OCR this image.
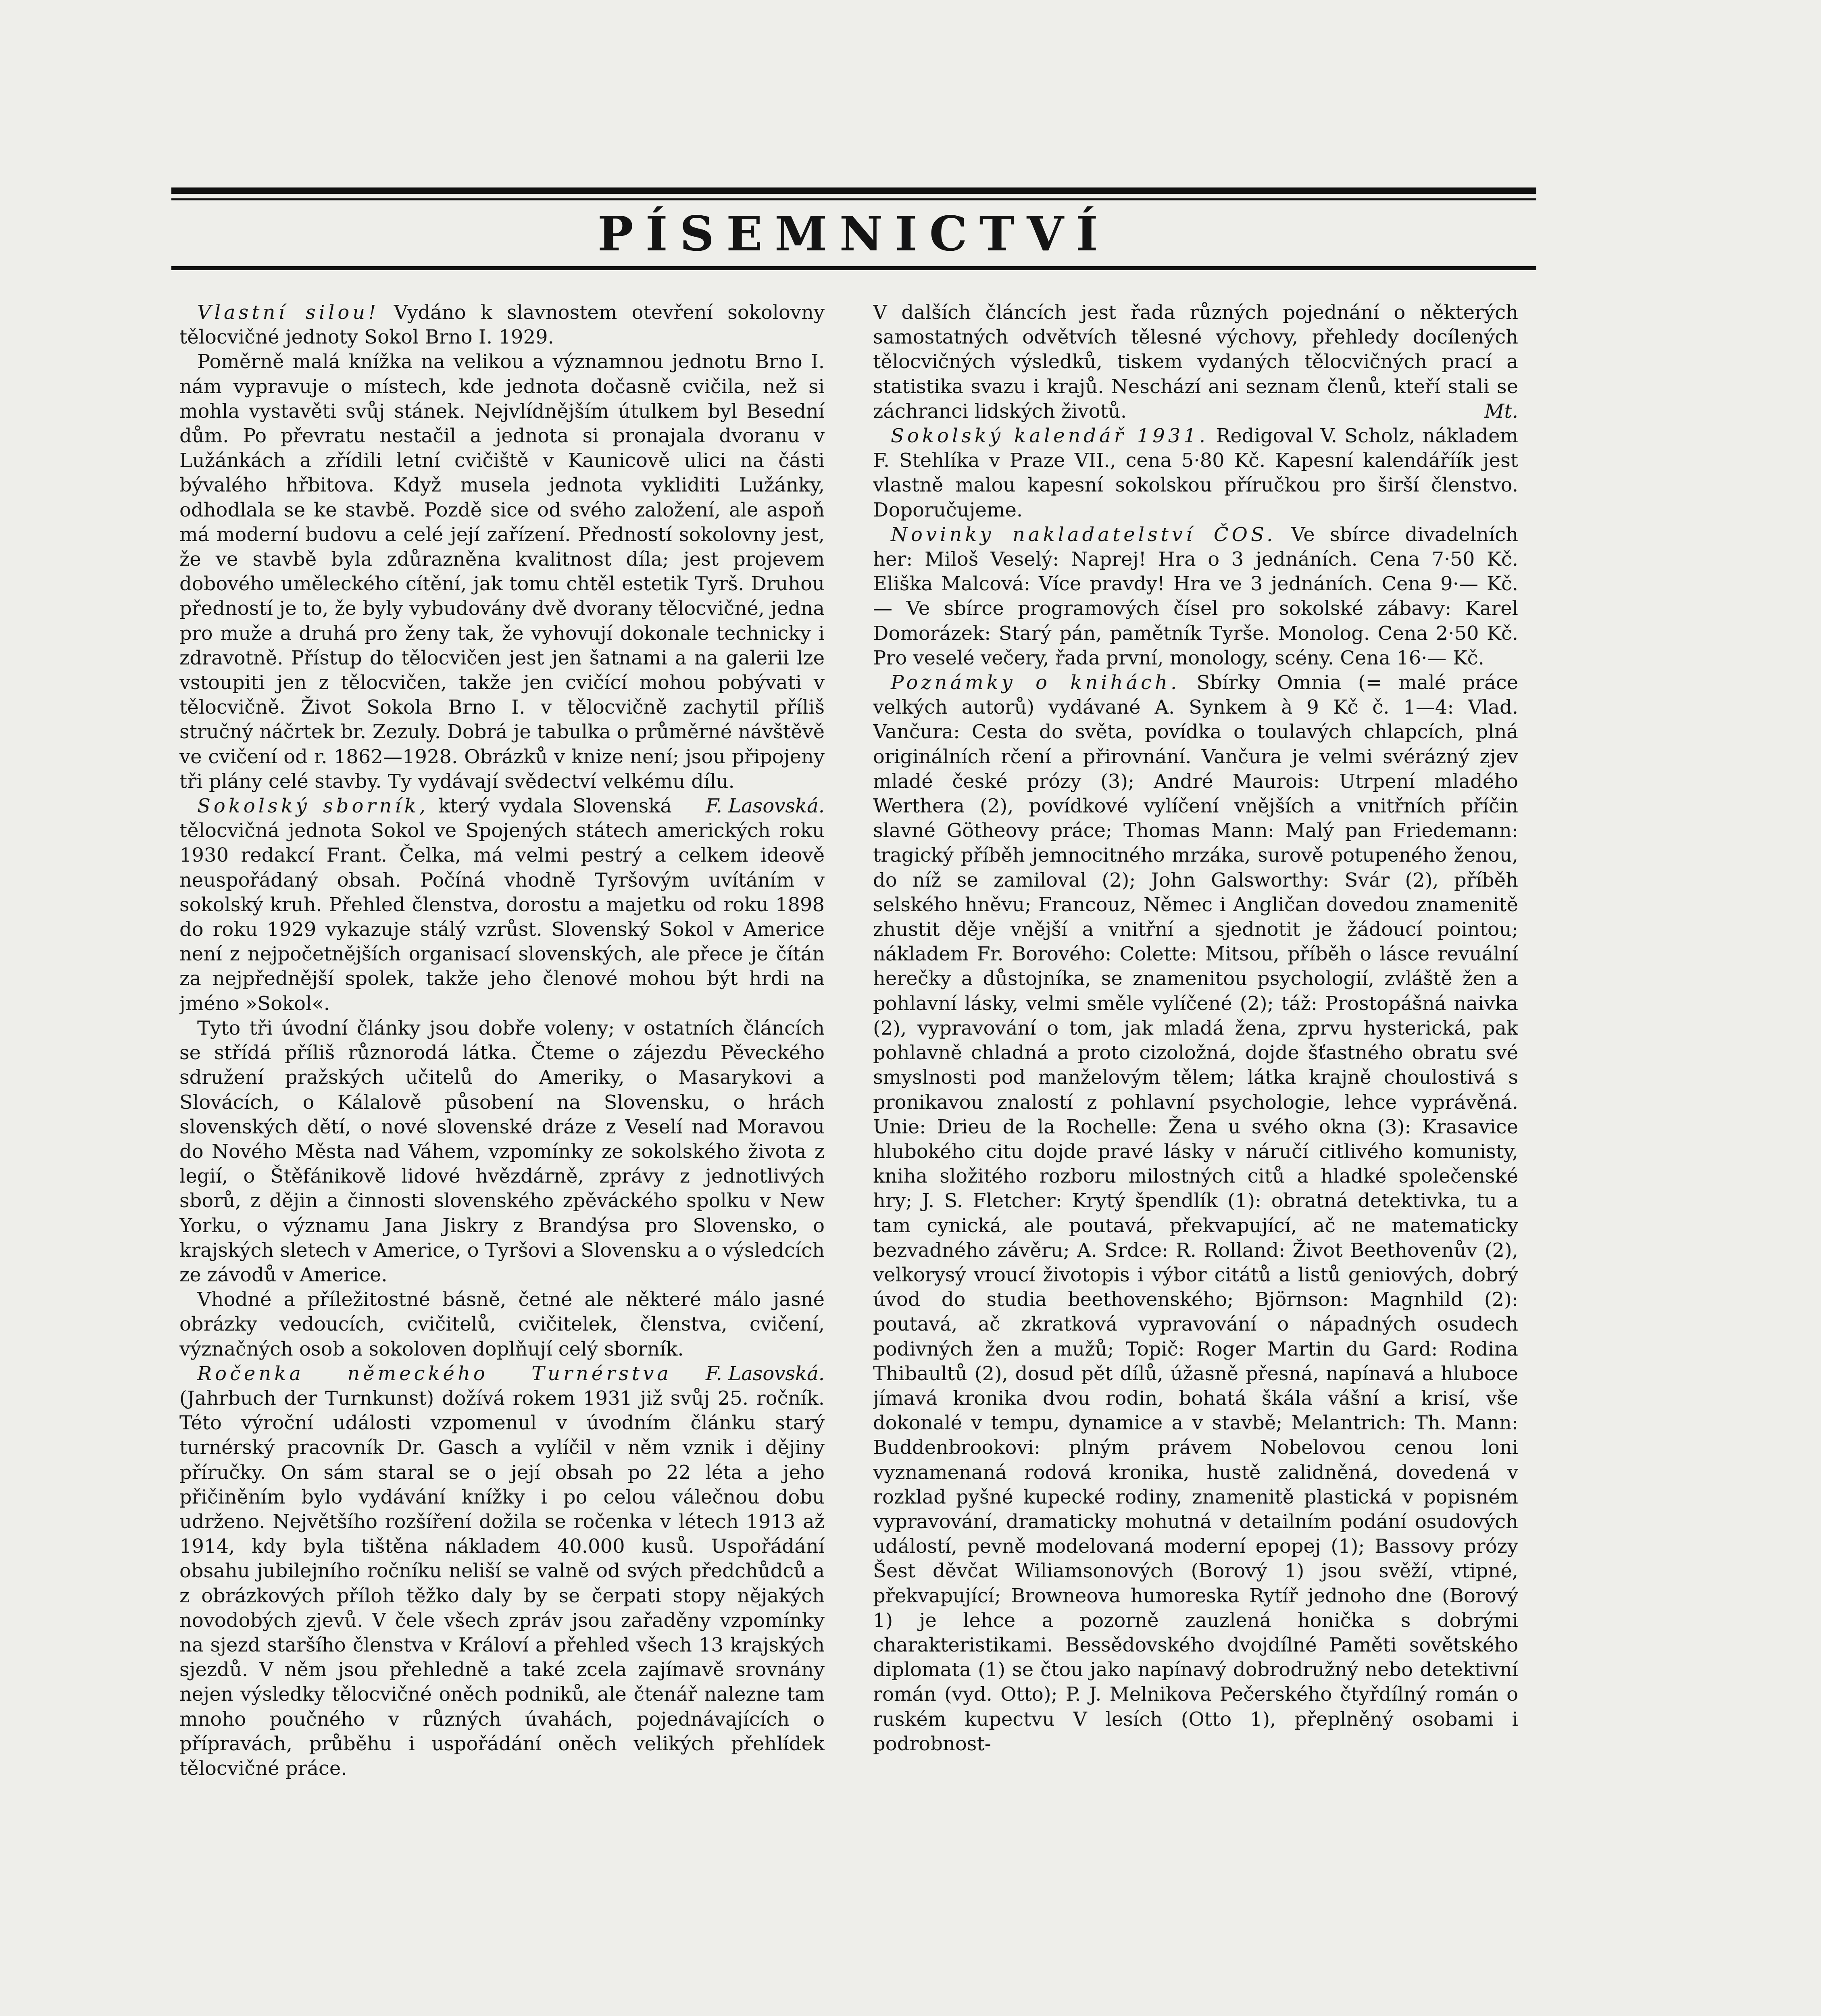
PÍSEMNICTVÍ

Vlastní silou! Vydáno k slavnostem otevření sokolovny tělocvičné jednoty Sokol Brno I. 1929.

Poměrně malá knížka na velikou a významnou jednotu Brno I. nám vypravuje o místech, kde jednota dočasně cvičila, než si mohla vystavěti svůj stánek. Nejvlídnějším útulkem byl Besední dům. Po převratu nestačil a jednota si pronajala dvoranu v Lužánkách a zřídili letní cvičiště v Kaunicově ulici na části bývalého hřbitova. Když musela jednota vykliditi Lužánky, odhodlala se ke stavbě. Pozdě sice od svého založení, ale aspoň má moderní budovu a celé její zařízení. Předností sokolovny jest, že ve stavbě byla zdůrazněna kvalitnost díla; jest projevem dobového uměleckého cítění, jak tomu chtěl estetik Tyrš. Druhou předností je to, že byly vybudovány dvě dvorany tělocvičné, jedna pro muže a druhá pro ženy tak, že vyhovují dokonale technicky i zdravotně. Přístup do tělocvičen jest jen šatnami a na galerii lze vstoupiti jen z tělocvičen, takže jen cvičící mohou pobývati v tělocvičně. Život Sokola Brno I. v tělocvičně zachytil příliš stručný náčrtek br. Zezuly. Dobrá je tabulka o průměrné návštěvě ve cvičení od r. 1862—1928. Obrázků v knize není; jsou připojeny tři plány celé stavby. Ty vydávají svědectví velkému dílu.
F. Lasovská.

Sokolský sborník, který vydala Slovenská tělocvičná jednota Sokol ve Spojených státech amerických roku 1930 redakcí Frant. Čelka, má velmi pestrý a celkem ideově neuspořádaný obsah. Počíná vhodně Tyršovým uvítáním v sokolský kruh. Přehled členstva, dorostu a majetku od roku 1898 do roku 1929 vykazuje stálý vzrůst. Slovenský Sokol v Americe není z nejpočetnějších organisací slovenských, ale přece je čítán za nejpřednější spolek, takže jeho členové mohou být hrdi na jméno »Sokol«.

Tyto tři úvodní články jsou dobře voleny; v ostatních článcích se střídá příliš různorodá látka. Čteme o zájezdu Pěveckého sdružení pražských učitelů do Ameriky, o Masarykovi a Slovácích, o Kálalově působení na Slovensku, o hrách slovenských dětí, o nové slovenské dráze z Veselí nad Moravou do Nového Města nad Váhem, vzpomínky ze sokolského života z legií, o Štěfánikově lidové hvězdárně, zprávy z jednotlivých sborů, z dějin a činnosti slovenského zpěváckého spolku v New Yorku, o významu Jana Jiskry z Brandýsa pro Slovensko, o krajských sletech v Americe, o Tyršovi a Slovensku a o výsledcích ze závodů v Americe.

Vhodné a příležitostné básně, četné ale některé málo jasné obrázky vedoucích, cvičitelů, cvičitelek, členstva, cvičení, význačných osob a sokoloven doplňují celý sborník.
F. Lasovská.

Ročenka německého Turnérstva (Jahrbuch der Turnkunst) dožívá rokem 1931 již svůj 25. ročník. Této výroční události vzpomenul v úvodním článku starý turnérský pracovník Dr. Gasch a vylíčil v něm vznik i dějiny příručky. On sám staral se o její obsah po 22 léta a jeho přičiněním bylo vydávání knížky i po celou válečnou dobu udrženo. Největšího rozšíření dožila se ročenka v létech 1913 až 1914, kdy byla tištěna nákladem 40.000 kusů. Uspořádání obsahu jubilejního ročníku neliší se valně od svých předchůdců a z obrázkových příloh těžko daly by se čerpati stopy nějakých novodobých zjevů. V čele všech zpráv jsou zařaděny vzpomínky na sjezd staršího členstva v Královí a přehled všech 13 krajských sjezdů. V něm jsou přehledně a také zcela zajímavě srovnány nejen výsledky tělocvičné oněch podniků, ale čtenář nalezne tam mnoho poučného v různých úvahách, pojednávajících o přípravách, průběhu i uspořádání oněch velikých přehlídek tělocvičné práce.

V dalších článcích jest řada různých pojednání o některých samostatných odvětvích tělesné výchovy, přehledy docílených tělocvičných výsledků, tiskem vydaných tělocvičných prací a statistika svazu i krajů. Neschází ani seznam členů, kteří stali se záchranci lidských životů.	Mt.

Sokolský kalendář 1931. Redigoval V. Scholz, nákladem F. Stehlíka v Praze VII., cena 5·80 Kč. Kapesní kalendáříík jest vlastně malou kapesní sokolskou příručkou pro širší členstvo. Doporučujeme.

Novinky nakladatelství ČOS. Ve sbírce divadelních her: Miloš Veselý: Naprej! Hra o 3 jednáních. Cena 7·50 Kč. Eliška Malcová: Více pravdy! Hra ve 3 jednáních. Cena 9·— Kč. — Ve sbírce programových čísel pro sokolské zábavy: Karel Domorázek: Starý pán, pamětník Tyrše. Monolog. Cena 2·50 Kč. Pro veselé večery, řada první, monology, scény. Cena 16·— Kč.

Poznámky o knihách. Sbírky Omnia (= malé práce velkých autorů) vydávané A. Synkem à 9 Kč č. 1—4: Vlad. Vančura: Cesta do světa, povídka o toulavých chlapcích, plná originálních rčení a přirovnání. Vančura je velmi svérázný zjev mladé české prózy (3); André Maurois: Utrpení mladého Werthera (2), povídkové vylíčení vnějších a vnitřních příčin slavné Götheovy práce; Thomas Mann: Malý pan Friedemann: tragický příběh jemnocitného mrzáka, surově potupeného ženou, do níž se zamiloval (2); John Galsworthy: Svár (2), příběh selského hněvu; Francouz, Němec i Angličan dovedou znamenitě zhustit děje vnější a vnitřní a sjednotit je žádoucí pointou; nákladem Fr. Borového: Colette: Mitsou, příběh o lásce revuální herečky a důstojníka, se znamenitou psychologií, zvláště žen a pohlavní lásky, velmi směle vylíčené (2); táž: Prostopášná naivka (2), vypravování o tom, jak mladá žena, zprvu hysterická, pak pohlavně chladná a proto cizoložná, dojde šťastného obratu své smyslnosti pod manželovým tělem; látka krajně choulostivá s pronikavou znalostí z pohlavní psychologie, lehce vyprávěná. Unie: Drieu de la Rochelle: Žena u svého okna (3): Krasavice hlubokého citu dojde pravé lásky v náručí citlivého komunisty, kniha složitého rozboru milostných citů a hladké společenské hry; J. S. Fletcher: Krytý špendlík (1): obratná detektivka, tu a tam cynická, ale poutavá, překvapující, ač ne matematicky bezvadného závěru; A. Srdce: R. Rolland: Život Beethovenův (2), velkorysý vroucí životopis i výbor citátů a listů geniových, dobrý úvod do studia beethovenského; Björnson: Magnhild (2): poutavá, ač zkratková vypravování o nápadných osudech podivných žen a mužů; Topič: Roger Martin du Gard: Rodina Thibaultů (2), dosud pět dílů, úžasně přesná, napínavá a hluboce jímavá kronika dvou rodin, bohatá škála vášní a krisí, vše dokonalé v tempu, dynamice a v stavbě; Melantrich: Th. Mann: Buddenbrookovi: plným právem Nobelovou cenou loni vyznamenaná rodová kronika, hustě zalidněná, dovedená v rozklad pyšné kupecké rodiny, znamenitě plastická v popisném vypravování, dramaticky mohutná v detailním podání osudových událostí, pevně modelovaná moderní epopej (1); Bassovy prózy Šest děvčat Wiliamsonových (Borový 1) jsou svěží, vtipné, překvapující; Browneova humoreska Rytíř jednoho dne (Borový 1) je lehce a pozorně zauzlená honička s dobrými charakteristikami. Bessědovského dvojdílné Paměti sovětského diplomata (1) se čtou jako napínavý dobrodružný nebo detektivní román (vyd. Otto); P. J. Melnikova Pečerského čtyřdílný román o ruském kupectvu V lesích (Otto 1), přeplněný osobami i podrobnost-
